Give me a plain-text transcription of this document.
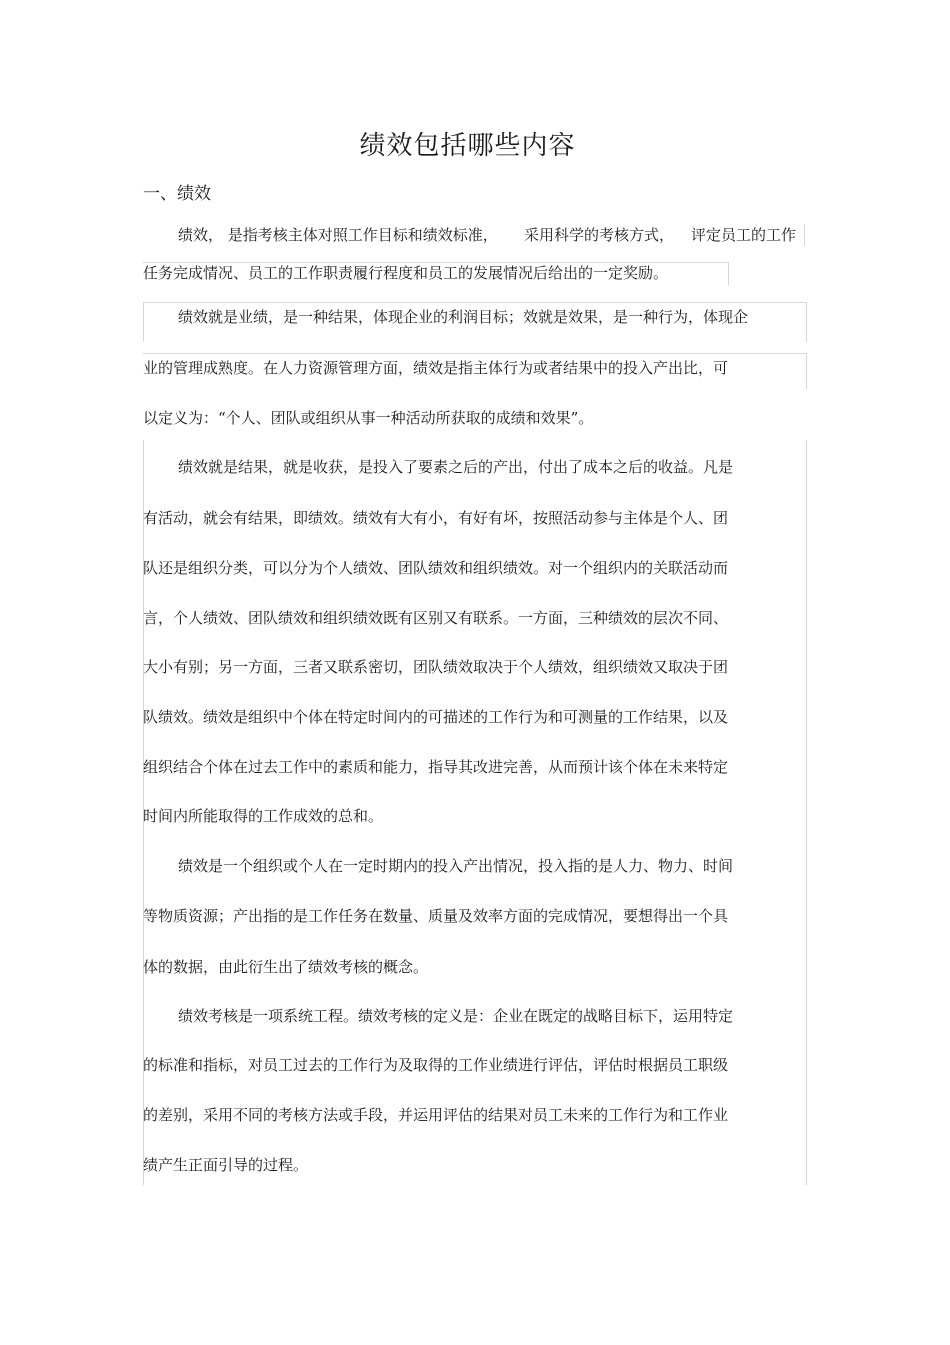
绩效包括哪些内容
一、绩效
绩效， 是指考核主体对照工作目标和绩效标准， 采用科学的考核方式， 评定员工的工作
任务完成情况、员工的工作职责履行程度和员工的发展情况后给出的一定奖励。
绩效就是业绩，是一种结果，体现企业的利润目标；效就是效果，是一种行为，体现企
业的管理成熟度。在人力资源管理方面，绩效是指主体行为或者结果中的投入产出比，可
以定义为：“个人、团队或组织从事一种活动所获取的成绩和效果”。
绩效就是结果，就是收获，是投入了要素之后的产出，付出了成本之后的收益。凡是
有活动，就会有结果，即绩效。绩效有大有小，有好有坏，按照活动参与主体是个人、团
队还是组织分类，可以分为个人绩效、团队绩效和组织绩效。对一个组织内的关联活动而
言，个人绩效、团队绩效和组织绩效既有区别又有联系。一方面，三种绩效的层次不同、
大小有别；另一方面，三者又联系密切，团队绩效取决于个人绩效，组织绩效又取决于团
队绩效。绩效是组织中个体在特定时间内的可描述的工作行为和可测量的工作结果，以及
组织结合个体在过去工作中的素质和能力，指导其改进完善，从而预计该个体在未来特定
时间内所能取得的工作成效的总和。
绩效是一个组织或个人在一定时期内的投入产出情况，投入指的是人力、物力、时间
等物质资源；产出指的是工作任务在数量、质量及效率方面的完成情况，要想得出一个具
体的数据，由此衍生出了绩效考核的概念。
绩效考核是一项系统工程。绩效考核的定义是：企业在既定的战略目标下，运用特定
的标准和指标，对员工过去的工作行为及取得的工作业绩进行评估，评估时根据员工职级
的差别，采用不同的考核方法或手段，并运用评估的结果对员工未来的工作行为和工作业
绩产生正面引导的过程。
